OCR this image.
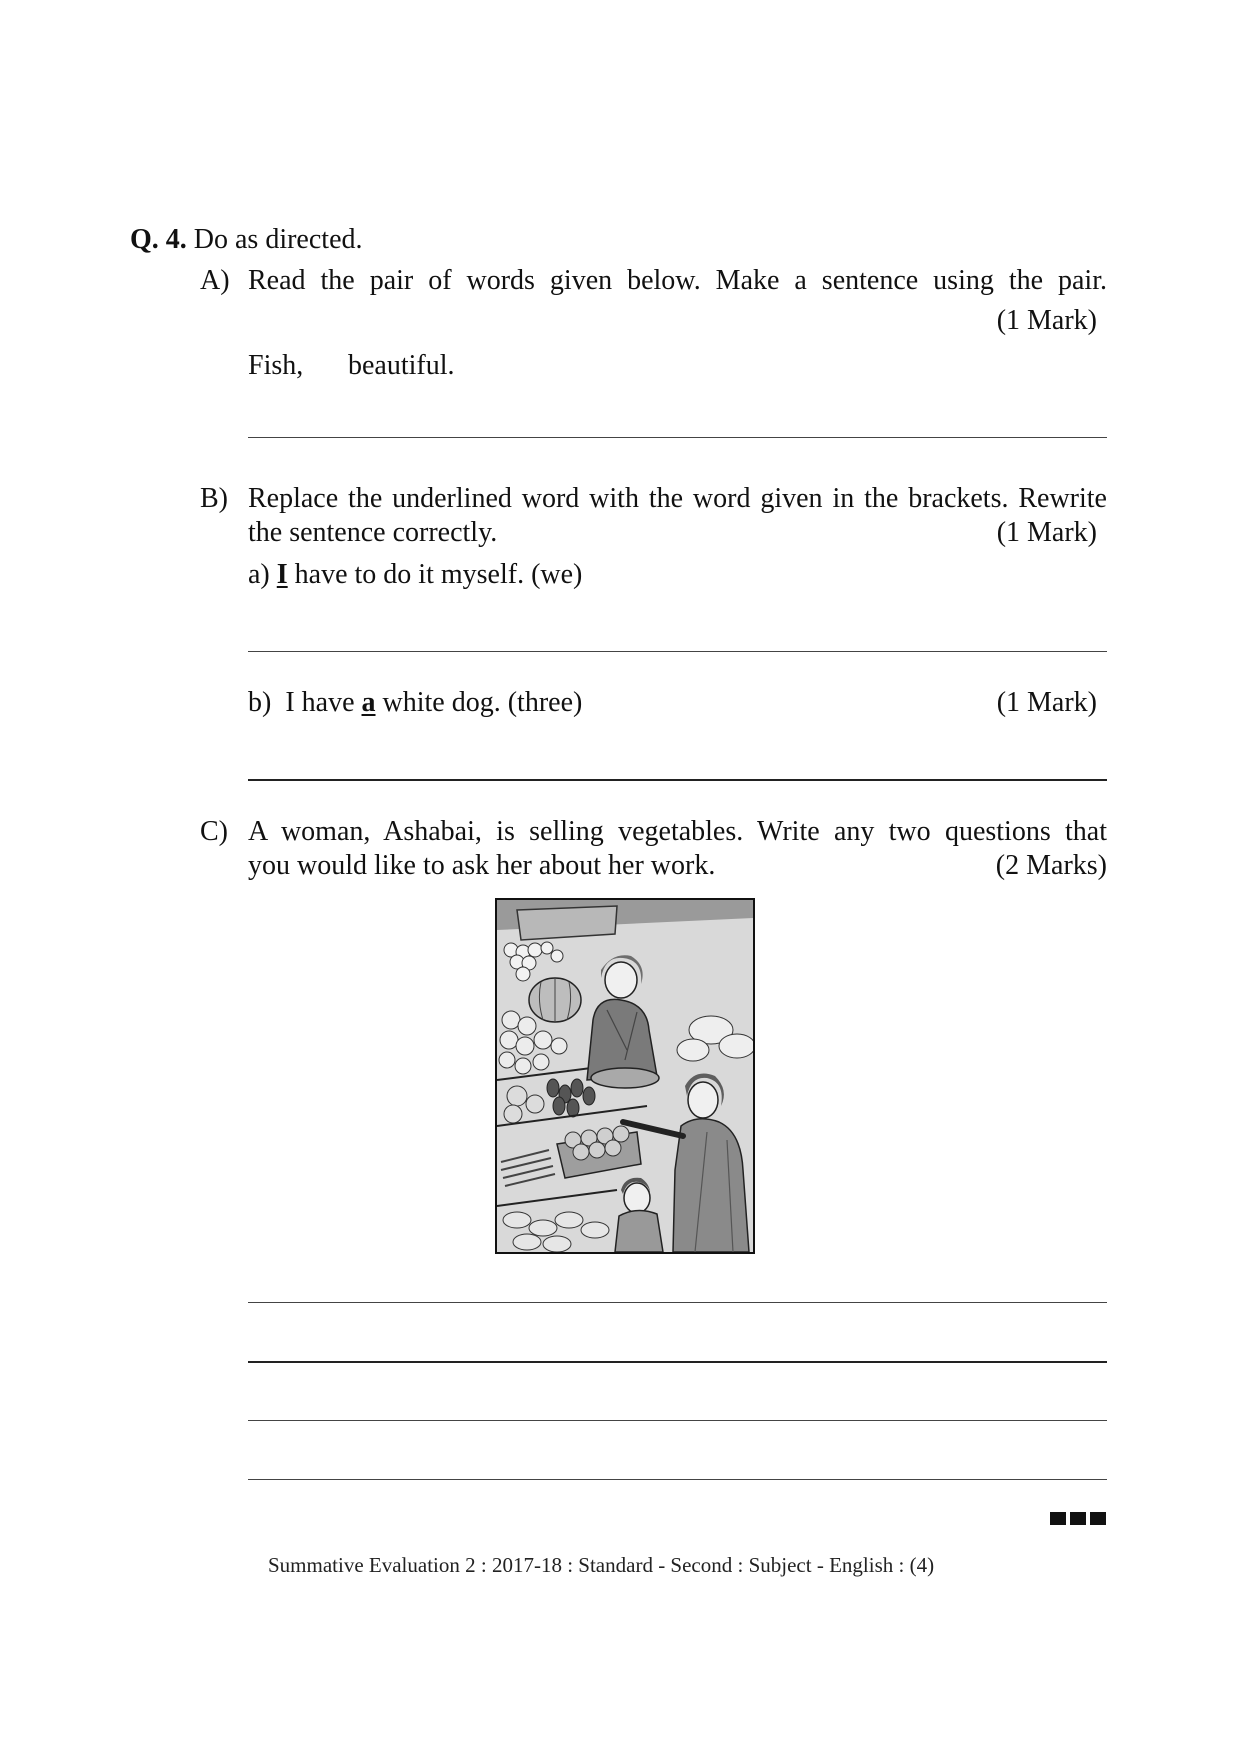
Q. 4. Do as directed.
A) Read the pair of words given below. Make a sentence using the pair.
(1 Mark)
Fish, beautiful.
B) Replace the underlined word with the word given in the brackets. Rewrite
the sentence correctly.	(1 Mark)
a) I have to do it myself. (we)
b) I have a white dog. (three)	(1 Mark)
C) A woman, Ashabai, is selling vegetables. Write any two questions that
you would like to ask her about her work.	(2 Marks)
Summative Evaluation 2 : 2017-18 : Standard - Second : Subject - English : (4)
